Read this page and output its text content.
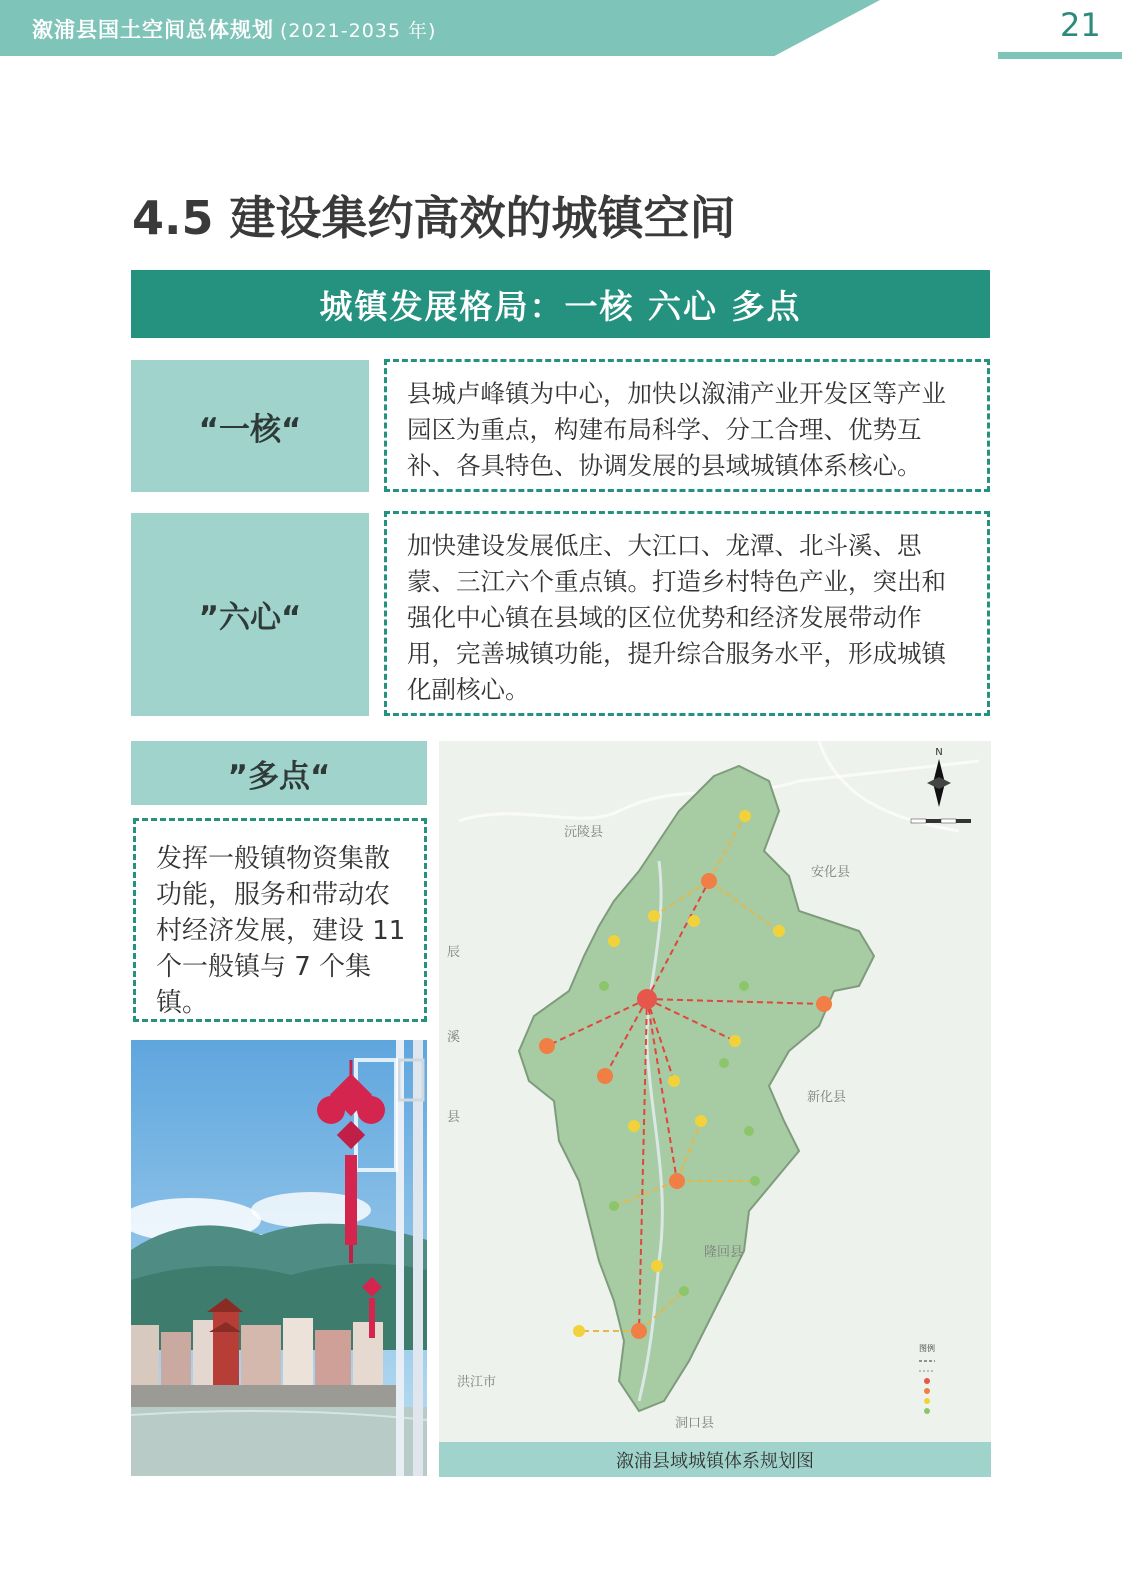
溆浦县国土空间总体规划 (2021-2035 年)	21
4.5 建设集约高效的城镇空间
城镇发展格局：一核 六心 多点
“一核“
县城卢峰镇为中心，加快以溆浦产业开发区等产业园区为重点，构建布局科学、分工合理、优势互补、各具特色、协调发展的县域城镇体系核心。
”六心“
加快建设发展低庄、大江口、龙潭、北斗溪、思蒙、三江六个重点镇。打造乡村特色产业，突出和强化中心镇在县域的区位优势和经济发展带动作用，完善城镇功能，提升综合服务水平，形成城镇化副核心。
”多点“
发挥一般镇物资集散功能，服务和带动农村经济发展，建设 11 个一般镇与 7 个集镇。
沅陵县
安化县
辰
溪
县
新化县
隆回县
洪江市
洞口县
N
图例
溆浦县域城镇体系规划图
